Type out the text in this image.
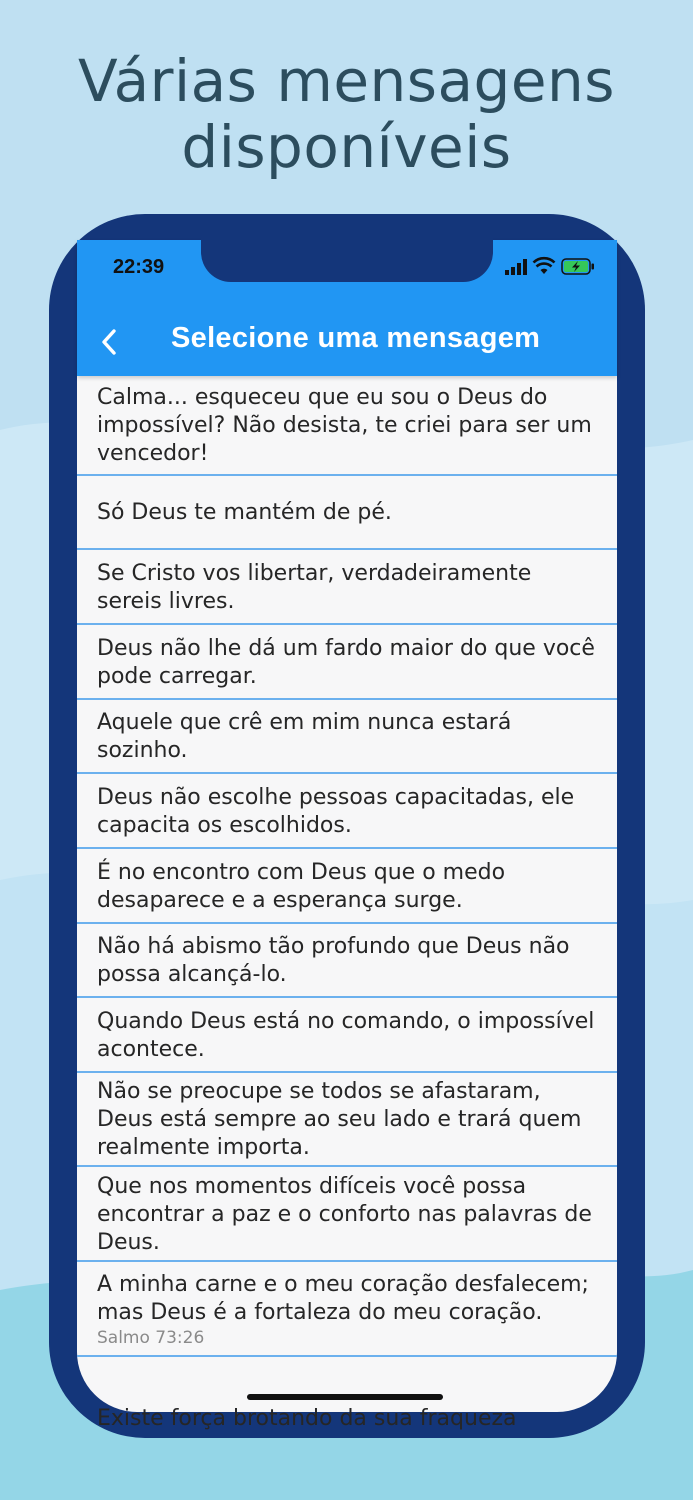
Várias mensagens
disponíveis
22:39
Selecione uma mensagem
Calma... esqueceu que eu sou o Deus do impossível? Não desista, te criei para ser um vencedor!
Só Deus te mantém de pé.
Se Cristo vos libertar, verdadeiramente sereis livres.
Deus não lhe dá um fardo maior do que você pode carregar.
Aquele que crê em mim nunca estará sozinho.
Deus não escolhe pessoas capacitadas, ele capacita os escolhidos.
É no encontro com Deus que o medo desaparece e a esperança surge.
Não há abismo tão profundo que Deus não possa alcançá-lo.
Quando Deus está no comando, o impossível acontece.
Não se preocupe se todos se afastaram, Deus está sempre ao seu lado e trará quem realmente importa.
Que nos momentos difíceis você possa encontrar a paz e o conforto nas palavras de Deus.
A minha carne e o meu coração desfalecem; mas Deus é a fortaleza do meu coração.
Salmo 73:26
Existe força brotando da sua fraqueza
